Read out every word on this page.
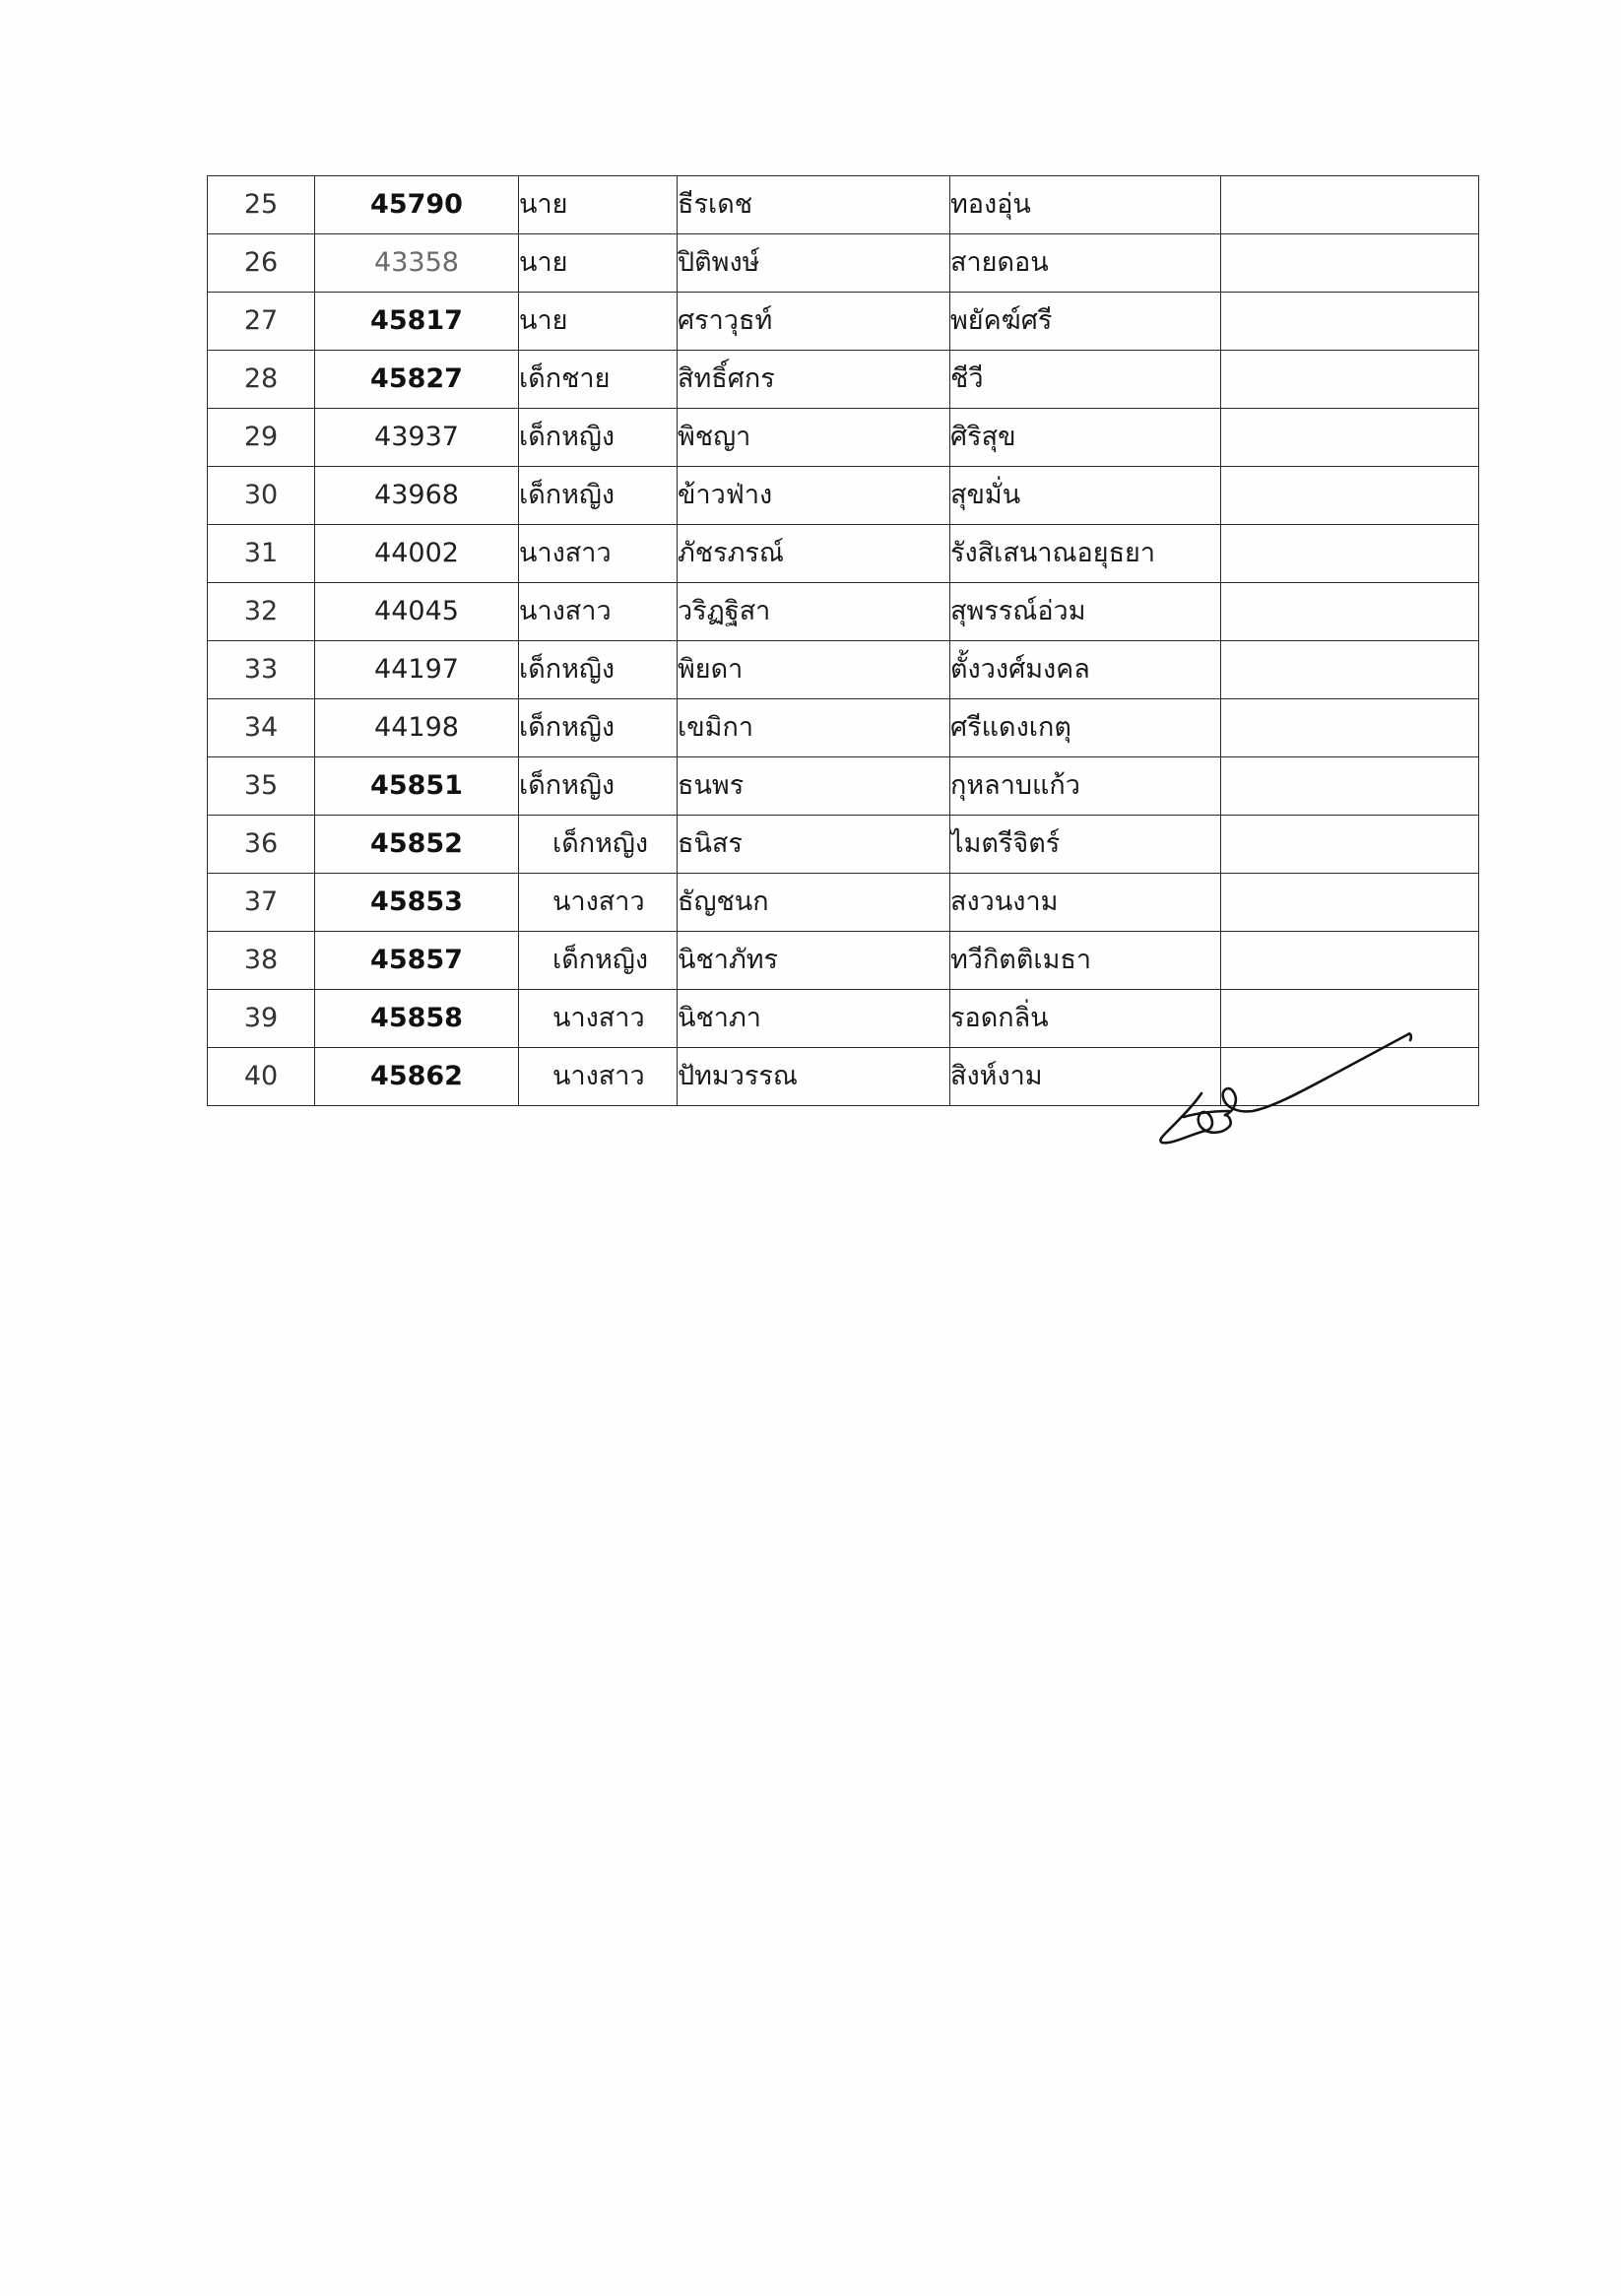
25	45790	นาย	ธีรเดช	ทองอุ่น	
26	43358	นาย	ปิติพงษ์	สายดอน	
27	45817	นาย	ศราวุธท์	พยัคฆ์ศรี	
28	45827	เด็กชาย	สิทธิ์ศกร	ชีวี	
29	43937	เด็กหญิง	พิชญา	ศิริสุข	
30	43968	เด็กหญิง	ข้าวฟ่าง	สุขมั่น	
31	44002	นางสาว	ภัชรภรณ์	รังสิเสนาณอยุธยา	
32	44045	นางสาว	วริฏฐิสา	สุพรรณ์อ่วม	
33	44197	เด็กหญิง	พิยดา	ตั้งวงศ์มงคล	
34	44198	เด็กหญิง	เขมิกา	ศรีแดงเกตุ	
35	45851	เด็กหญิง	ธนพร	กุหลาบแก้ว	
36	45852	เด็กหญิง	ธนิสร	ไมตรีจิตร์	
37	45853	นางสาว	ธัญชนก	สงวนงาม	
38	45857	เด็กหญิง	นิชาภัทร	ทวีกิตติเมธา	
39	45858	นางสาว	นิชาภา	รอดกลิ่น	
40	45862	นางสาว	ปัทมวรรณ	สิงห์งาม	
